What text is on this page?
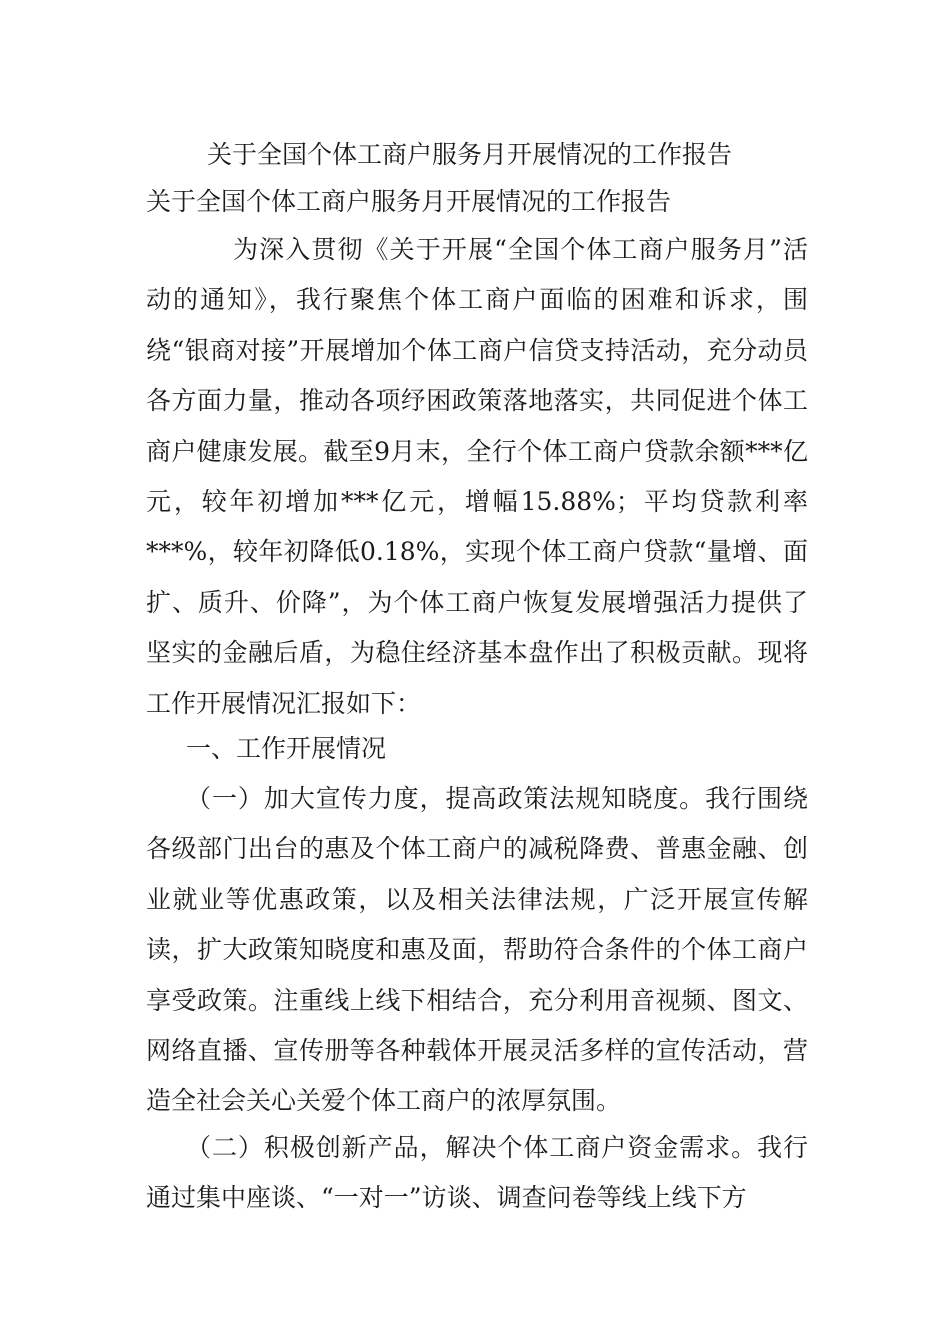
关于全国个体工商户服务月开展情况的工作报告
关于全国个体工商户服务月开展情况的工作报告

为深入贯彻《关于开展“全国个体工商户服务月”活动的通知》，我行聚焦个体工商户面临的困难和诉求，围绕“银商对接”开展增加个体工商户信贷支持活动，充分动员各方面力量，推动各项纾困政策落地落实，共同促进个体工商户健康发展。截至9月末，全行个体工商户贷款余额***亿元，较年初增加***亿元，增幅15.88%；平均贷款利率***%，较年初降低0.18%，实现个体工商户贷款“量增、面扩、质升、价降”，为个体工商户恢复发展增强活力提供了坚实的金融后盾，为稳住经济基本盘作出了积极贡献。现将工作开展情况汇报如下：

一、工作开展情况

（一）加大宣传力度，提高政策法规知晓度。我行围绕各级部门出台的惠及个体工商户的减税降费、普惠金融、创业就业等优惠政策，以及相关法律法规，广泛开展宣传解读，扩大政策知晓度和惠及面，帮助符合条件的个体工商户享受政策。注重线上线下相结合，充分利用音视频、图文、网络直播、宣传册等各种载体开展灵活多样的宣传活动，营造全社会关心关爱个体工商户的浓厚氛围。

（二）积极创新产品，解决个体工商户资金需求。我行通过集中座谈、“一对一”访谈、调查问卷等线上线下方
